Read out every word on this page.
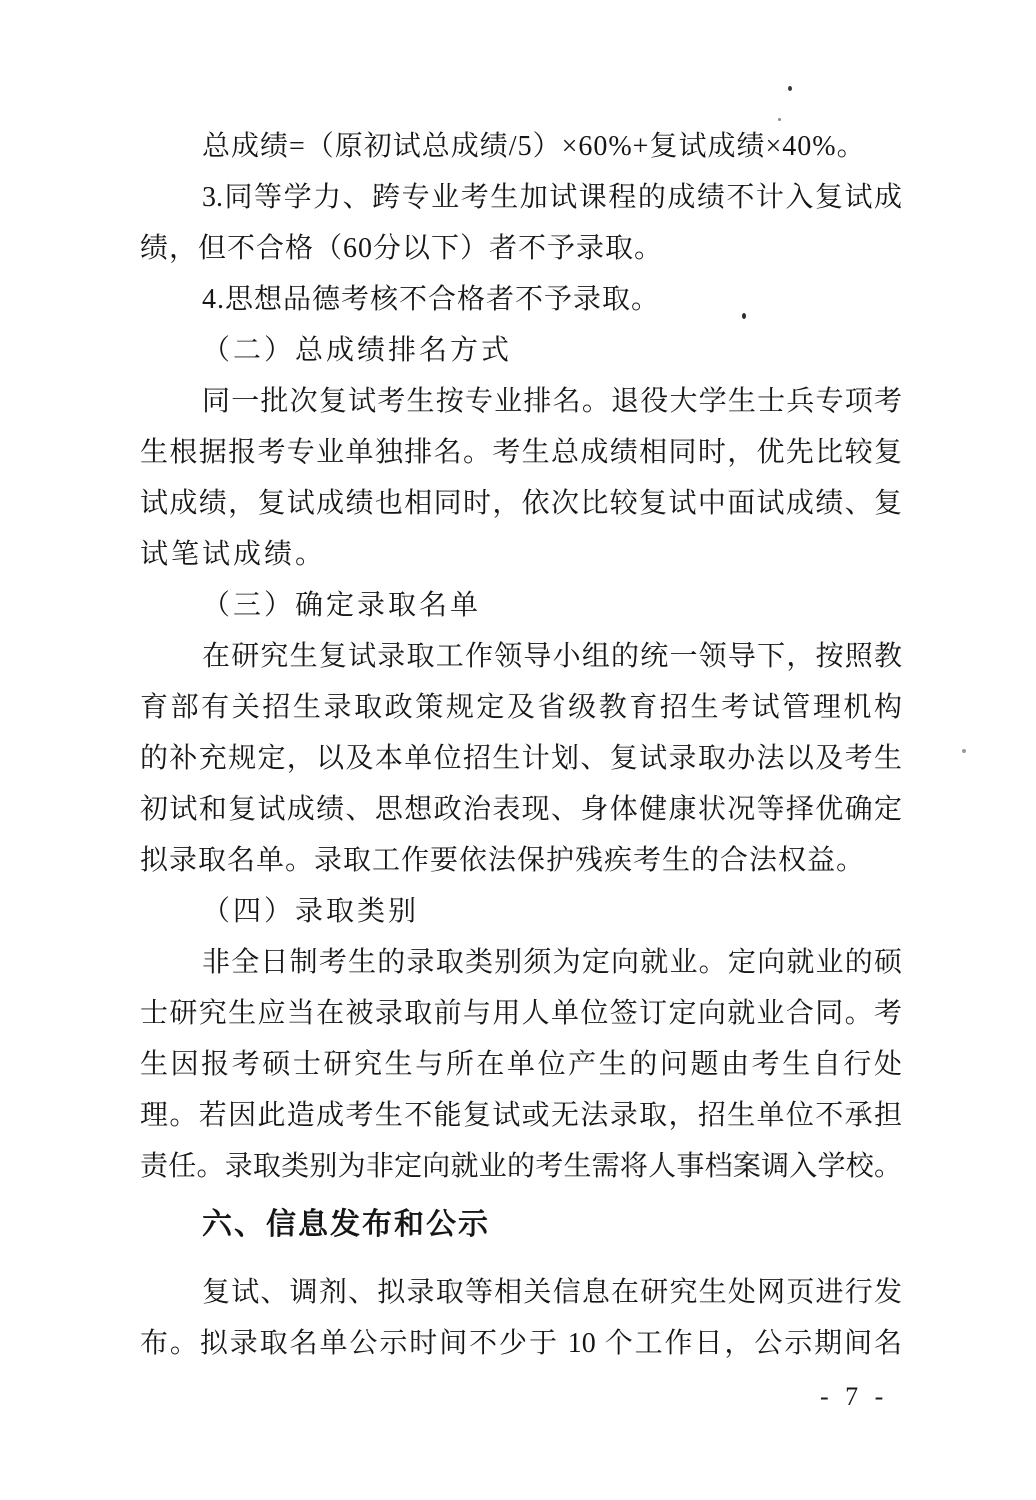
总成绩=（原初试总成绩/5）×60%+复试成绩×40%。
3.同等学力、跨专业考生加试课程的成绩不计入复试成
绩，但不合格（60分以下）者不予录取。
4.思想品德考核不合格者不予录取。
（二）总成绩排名方式
同一批次复试考生按专业排名。退役大学生士兵专项考
生根据报考专业单独排名。考生总成绩相同时，优先比较复
试成绩，复试成绩也相同时，依次比较复试中面试成绩、复
试笔试成绩。
（三）确定录取名单
在研究生复试录取工作领导小组的统一领导下，按照教
育部有关招生录取政策规定及省级教育招生考试管理机构
的补充规定，以及本单位招生计划、复试录取办法以及考生
初试和复试成绩、思想政治表现、身体健康状况等择优确定
拟录取名单。录取工作要依法保护残疾考生的合法权益。
（四）录取类别
非全日制考生的录取类别须为定向就业。定向就业的硕
士研究生应当在被录取前与用人单位签订定向就业合同。考
生因报考硕士研究生与所在单位产生的问题由考生自行处
理。若因此造成考生不能复试或无法录取，招生单位不承担
责任。录取类别为非定向就业的考生需将人事档案调入学校。
六、信息发布和公示
复试、调剂、拟录取等相关信息在研究生处网页进行发
布。拟录取名单公示时间不少于 10 个工作日，公示期间名
- 7 -
